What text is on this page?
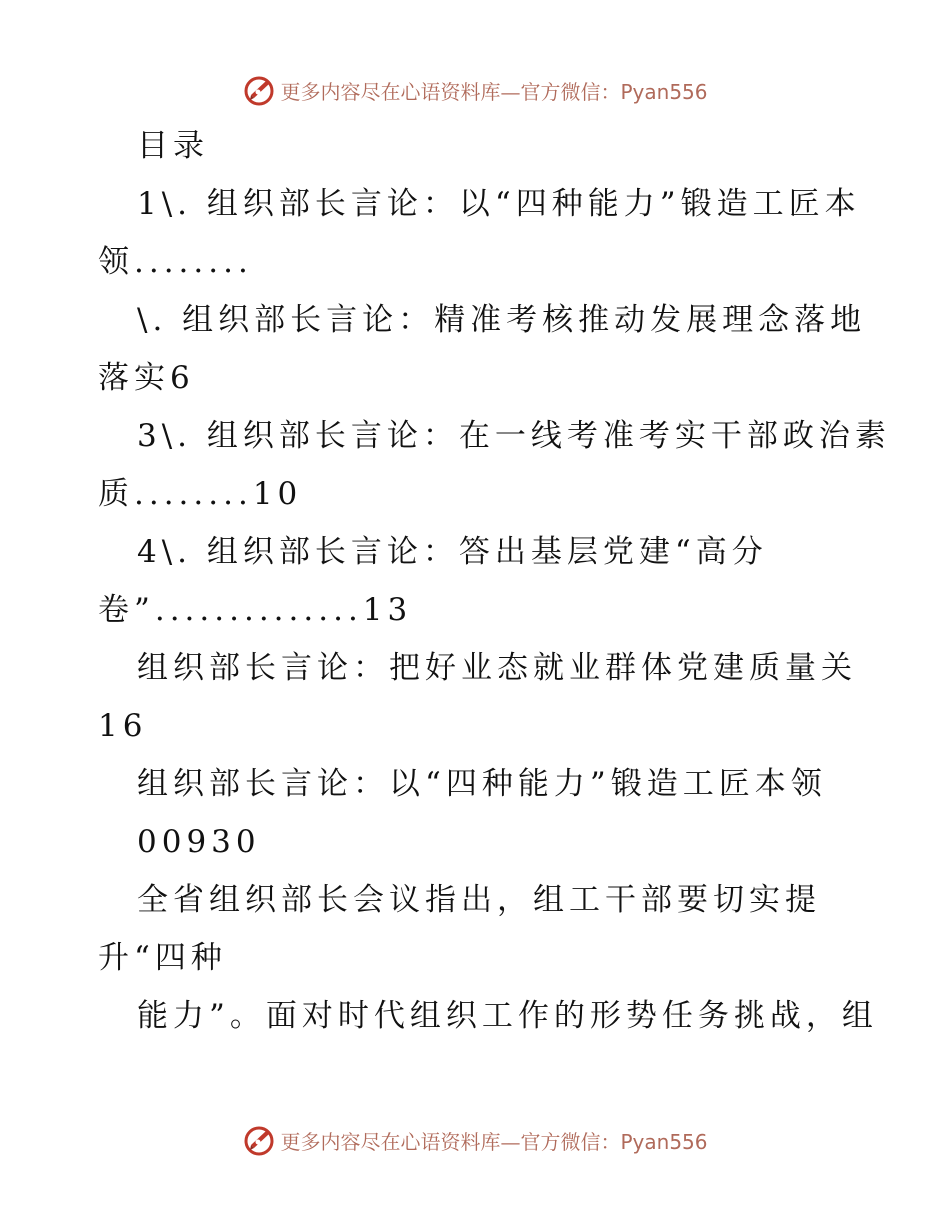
更多内容尽在心语资料库—官方微信：Pyan556
目录
1\. 组织部长言论：以“四种能力”锻造工匠本
领........
\. 组织部长言论：精准考核推动发展理念落地
落实6
3\. 组织部长言论：在一线考准考实干部政治素
质........10
4\. 组织部长言论：答出基层党建“高分
卷”..............13
组织部长言论：把好业态就业群体党建质量关
16
组织部长言论：以“四种能力”锻造工匠本领
00930
全省组织部长会议指出，组工干部要切实提
升“四种
能力”。面对时代组织工作的形势任务挑战，组
更多内容尽在心语资料库—官方微信：Pyan556
